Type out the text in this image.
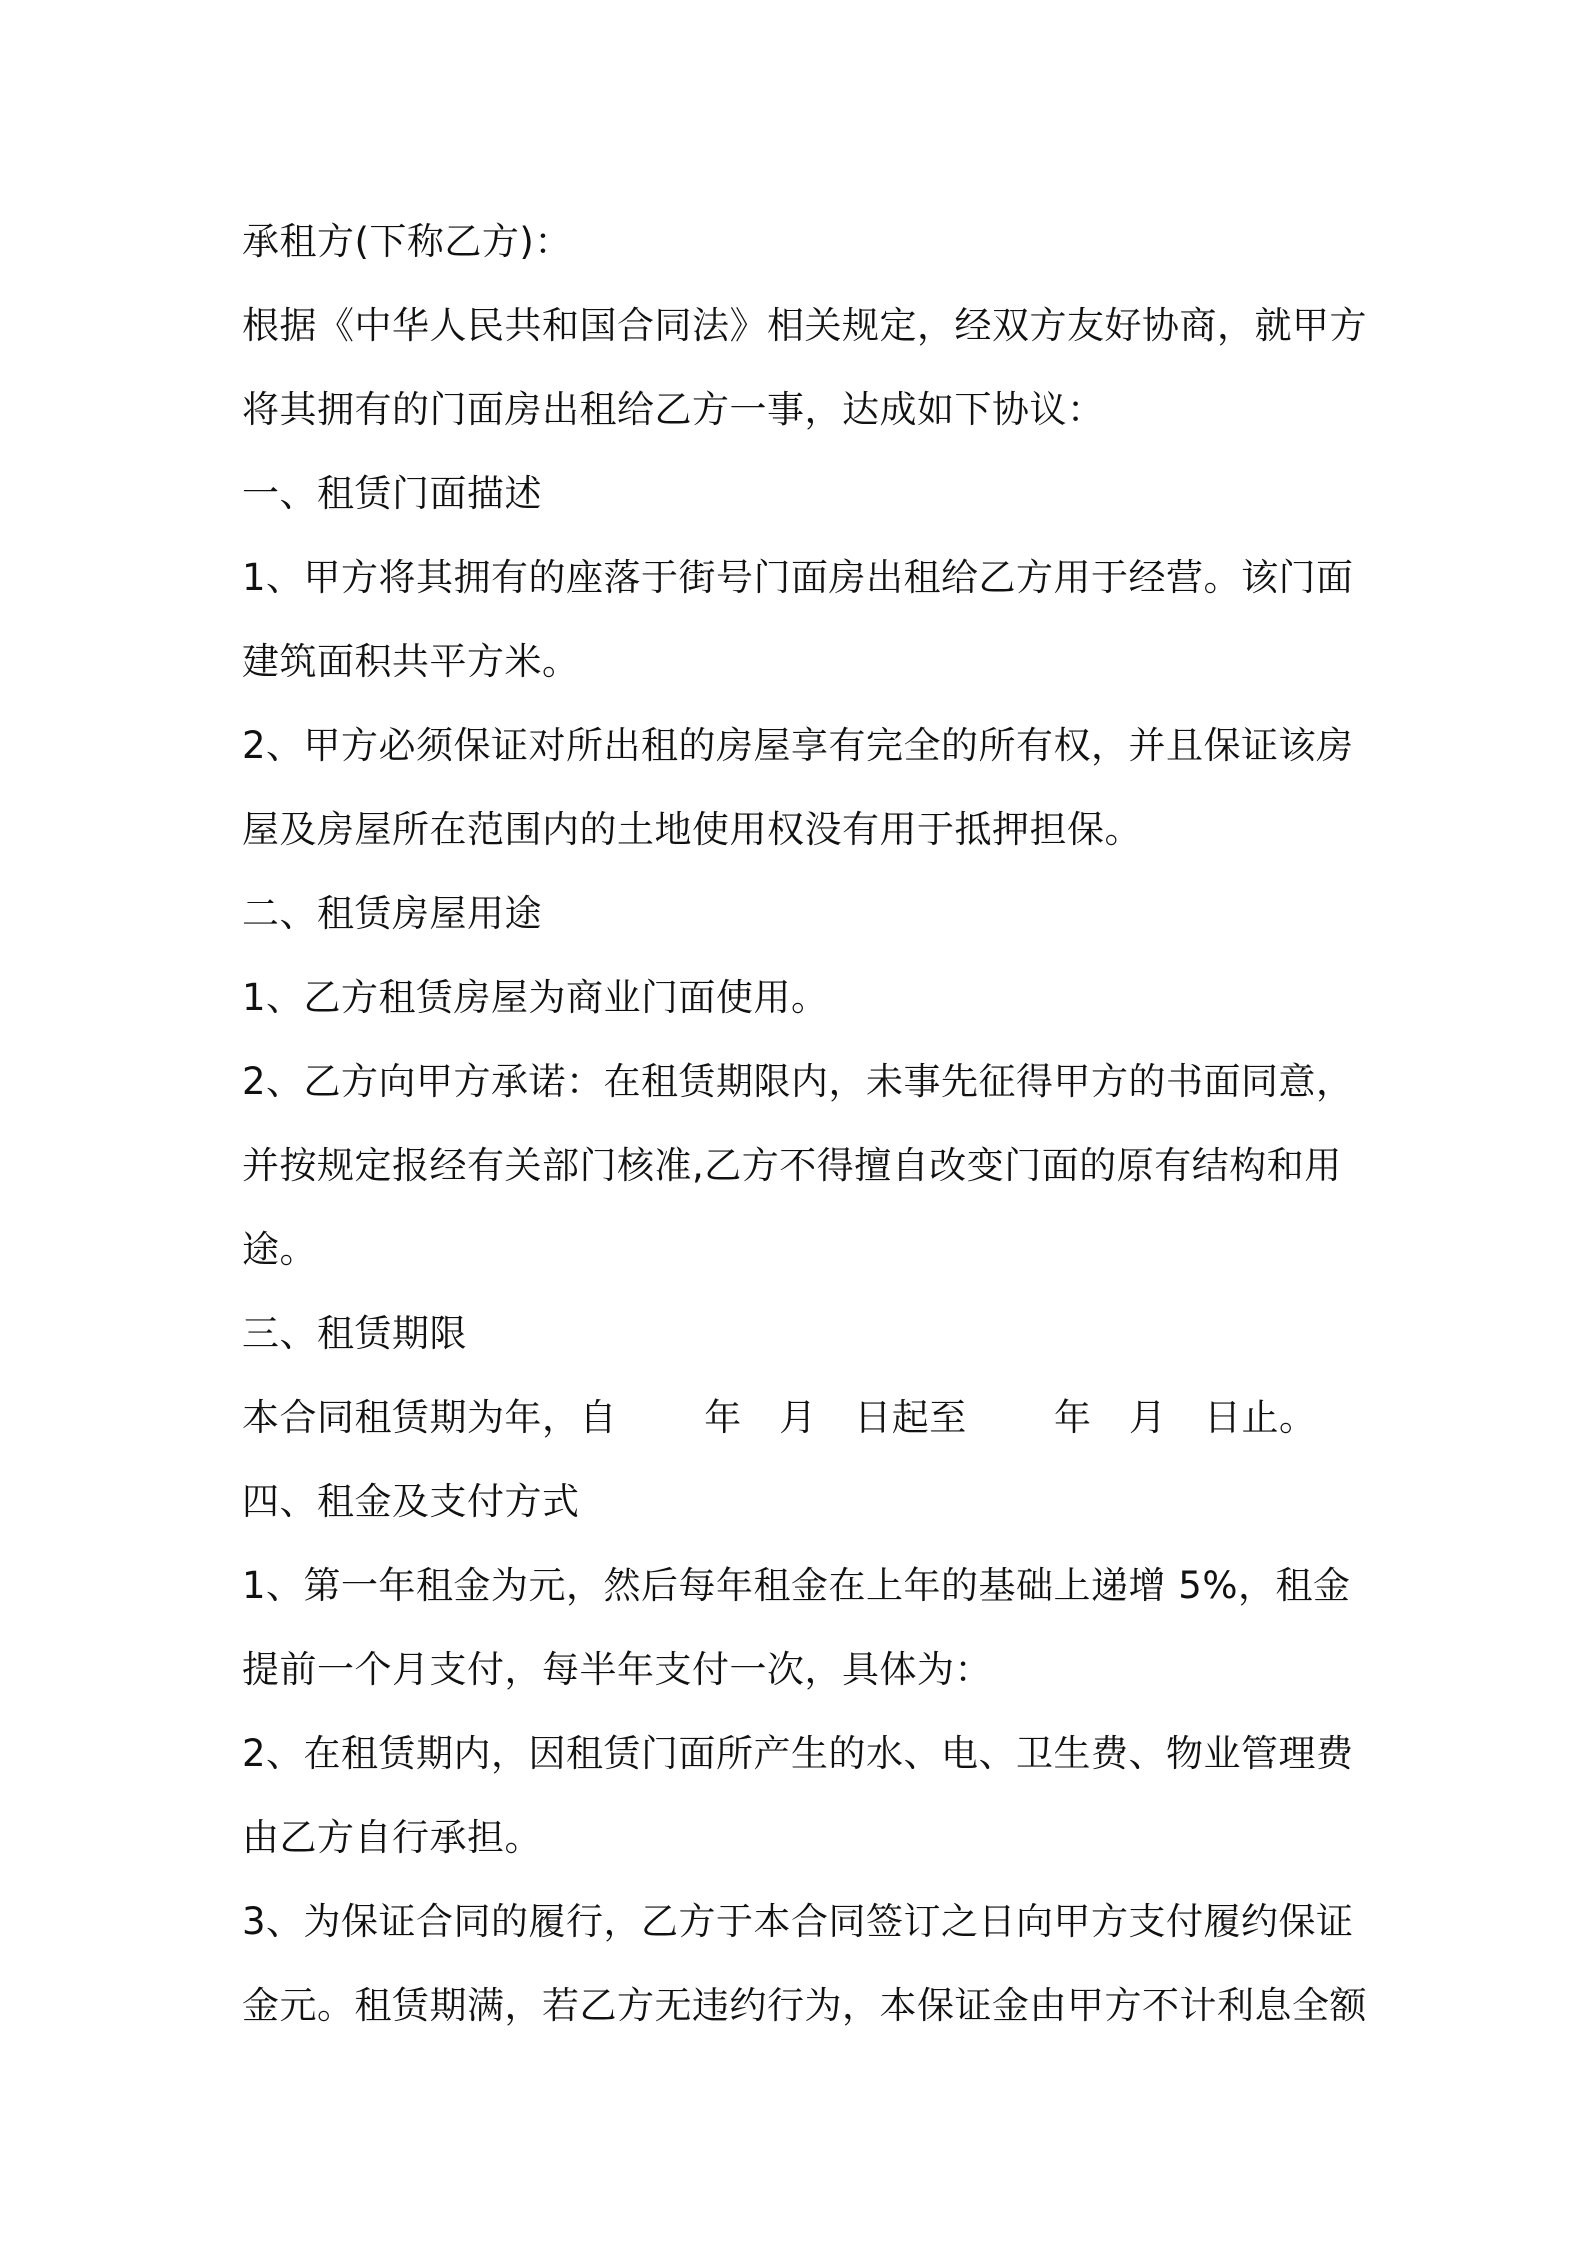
承租方(下称乙方)：
根据《中华人民共和国合同法》相关规定，经双方友好协商，就甲方
将其拥有的门面房出租给乙方一事，达成如下协议：
一、租赁门面描述
1、甲方将其拥有的座落于街号门面房出租给乙方用于经营。该门面
建筑面积共平方米。
2、甲方必须保证对所出租的房屋享有完全的所有权，并且保证该房
屋及房屋所在范围内的土地使用权没有用于抵押担保。
二、租赁房屋用途
1、乙方租赁房屋为商业门面使用。
2、乙方向甲方承诺：在租赁期限内，未事先征得甲方的书面同意，
并按规定报经有关部门核准,乙方不得擅自改变门面的原有结构和用
途。
三、租赁期限
本合同租赁期为年，自　　 年　月　日起至　　 年　月　日止。
四、租金及支付方式
1、第一年租金为元，然后每年租金在上年的基础上递增 5%，租金
提前一个月支付，每半年支付一次，具体为：
2、在租赁期内，因租赁门面所产生的水、电、卫生费、物业管理费
由乙方自行承担。
3、为保证合同的履行，乙方于本合同签订之日向甲方支付履约保证
金元。租赁期满，若乙方无违约行为，本保证金由甲方不计利息全额
